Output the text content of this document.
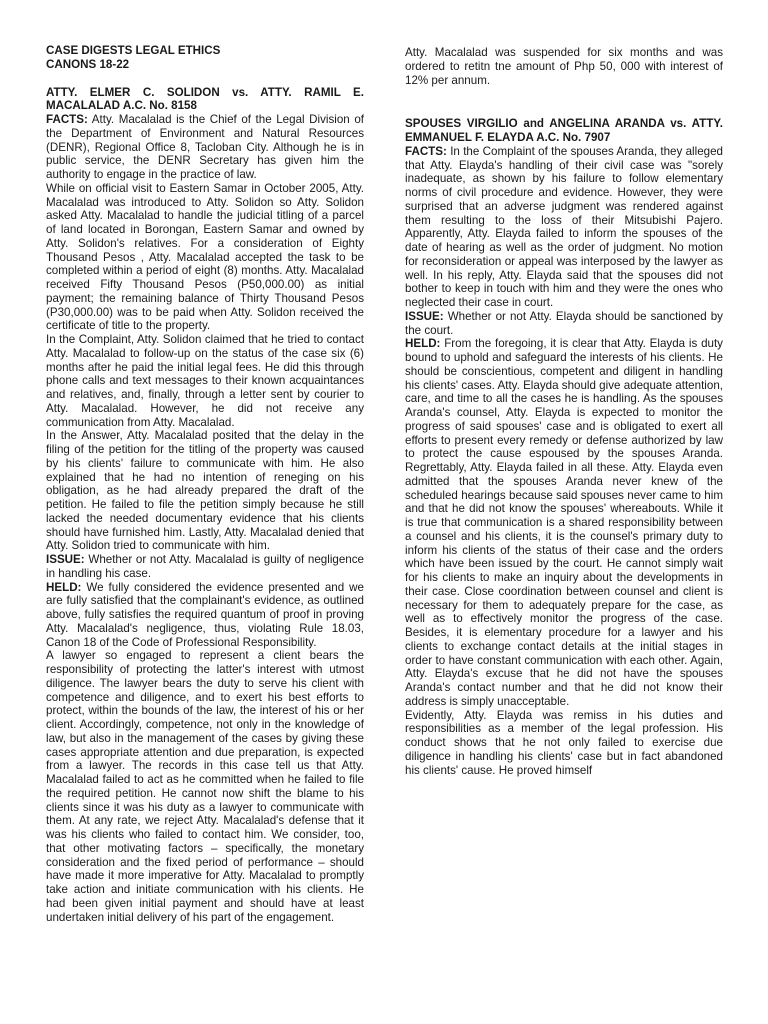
CASE DIGESTS LEGAL ETHICS

CANONS 18-22

ATTY. ELMER C. SOLIDON vs. ATTY. RAMIL E. MACALALAD A.C. No. 8158

FACTS: Atty. Macalalad is the Chief of the Legal Division of the Department of Environment and Natural Resources (DENR), Regional Office 8, Tacloban City. Although he is in public service, the DENR Secretary has given him the authority to engage in the practice of law.

While on official visit to Eastern Samar in October 2005, Atty. Macalalad was introduced to Atty. Solidon so Atty. Solidon asked Atty. Macalalad to handle the judicial titling of a parcel of land located in Borongan, Eastern Samar and owned by Atty. Solidon's relatives. For a consideration of Eighty Thousand Pesos , Atty. Macalalad accepted the task to be completed within a period of eight (8) months. Atty. Macalalad received Fifty Thousand Pesos (P50,000.00) as initial payment; the remaining balance of Thirty Thousand Pesos (P30,000.00) was to be paid when Atty. Solidon received the certificate of title to the property.

In the Complaint, Atty. Solidon claimed that he tried to contact Atty. Macalalad to follow-up on the status of the case six (6) months after he paid the initial legal fees. He did this through phone calls and text messages to their known acquaintances and relatives, and, finally, through a letter sent by courier to Atty. Macalalad. However, he did not receive any communication from Atty. Macalalad.

In the Answer, Atty. Macalalad posited that the delay in the filing of the petition for the titling of the property was caused by his clients' failure to communicate with him. He also explained that he had no intention of reneging on his obligation, as he had already prepared the draft of the petition. He failed to file the petition simply because he still lacked the needed documentary evidence that his clients should have furnished him. Lastly, Atty. Macalalad denied that Atty. Solidon tried to communicate with him.

ISSUE: Whether or not Atty. Macalalad is guilty of negligence in handling his case.

HELD: We fully considered the evidence presented and we are fully satisfied that the complainant's evidence, as outlined above, fully satisfies the required quantum of proof in proving Atty. Macalalad's negligence, thus, violating Rule 18.03, Canon 18 of the Code of Professional Responsibility.

A lawyer so engaged to represent a client bears the responsibility of protecting the latter's interest with utmost diligence. The lawyer bears the duty to serve his client with competence and diligence, and to exert his best efforts to protect, within the bounds of the law, the interest of his or her client. Accordingly, competence, not only in the knowledge of law, but also in the management of the cases by giving these cases appropriate attention and due preparation, is expected from a lawyer. The records in this case tell us that Atty. Macalalad failed to act as he committed when he failed to file the required petition. He cannot now shift the blame to his clients since it was his duty as a lawyer to communicate with them. At any rate, we reject Atty. Macalalad's defense that it was his clients who failed to contact him. We consider, too, that other motivating factors – specifically, the monetary consideration and the fixed period of performance – should have made it more imperative for Atty. Macalalad to promptly take action and initiate communication with his clients. He had been given initial payment and should have at least undertaken initial delivery of his part of the engagement.

Atty. Macalalad was suspended for six months and was ordered to retitn tne amount of Php 50, 000 with interest of 12% per annum.

SPOUSES VIRGILIO and ANGELINA ARANDA vs. ATTY. EMMANUEL F. ELAYDA A.C. No. 7907

FACTS: In the Complaint of the spouses Aranda, they alleged that Atty. Elayda's handling of their civil case was "sorely inadequate, as shown by his failure to follow elementary norms of civil procedure and evidence. However, they were surprised that an adverse judgment was rendered against them resulting to the loss of their Mitsubishi Pajero. Apparently, Atty. Elayda failed to inform the spouses of the date of hearing as well as the order of judgment. No motion for reconsideration or appeal was interposed by the lawyer as well. In his reply, Atty. Elayda said that the spouses did not bother to keep in touch with him and they were the ones who neglected their case in court.

ISSUE: Whether or not Atty. Elayda should be sanctioned by the court.

HELD: From the foregoing, it is clear that Atty. Elayda is duty bound to uphold and safeguard the interests of his clients. He should be conscientious, competent and diligent in handling his clients' cases. Atty. Elayda should give adequate attention, care, and time to all the cases he is handling. As the spouses Aranda's counsel, Atty. Elayda is expected to monitor the progress of said spouses' case and is obligated to exert all efforts to present every remedy or defense authorized by law to protect the cause espoused by the spouses Aranda. Regrettably, Atty. Elayda failed in all these. Atty. Elayda even admitted that the spouses Aranda never knew of the scheduled hearings because said spouses never came to him and that he did not know the spouses' whereabouts. While it is true that communication is a shared responsibility between a counsel and his clients, it is the counsel's primary duty to inform his clients of the status of their case and the orders which have been issued by the court. He cannot simply wait for his clients to make an inquiry about the developments in their case. Close coordination between counsel and client is necessary for them to adequately prepare for the case, as well as to effectively monitor the progress of the case. Besides, it is elementary procedure for a lawyer and his clients to exchange contact details at the initial stages in order to have constant communication with each other. Again, Atty. Elayda's excuse that he did not have the spouses Aranda's contact number and that he did not know their address is simply unacceptable.

Evidently, Atty. Elayda was remiss in his duties and responsibilities as a member of the legal profession. His conduct shows that he not only failed to exercise due diligence in handling his clients' case but in fact abandoned his clients' cause. He proved himself
